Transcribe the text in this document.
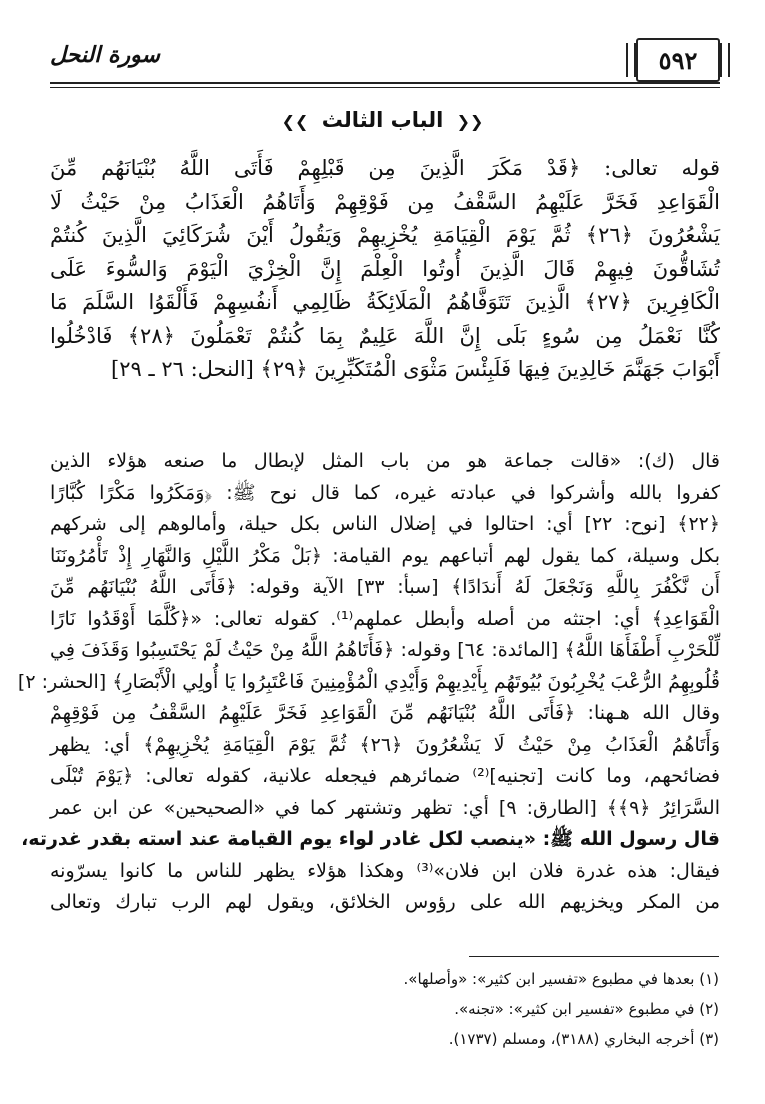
٥٩٢
سورة النحل
❮❮ الباب الثالث ❯❯
قوله تعالى: ﴿قَدْ مَكَرَ الَّذِينَ مِن قَبْلِهِمْ فَأَتَى اللَّهُ بُنْيَانَهُم مِّنَ
الْقَوَاعِدِ فَخَرَّ عَلَيْهِمُ السَّقْفُ مِن فَوْقِهِمْ وَأَتَاهُمُ الْعَذَابُ مِنْ حَيْثُ لَا
يَشْعُرُونَ ﴿٢٦﴾ ثُمَّ يَوْمَ الْقِيَامَةِ يُخْزِيهِمْ وَيَقُولُ أَيْنَ شُرَكَائِيَ الَّذِينَ كُنتُمْ
تُشَاقُّونَ فِيهِمْ قَالَ الَّذِينَ أُوتُوا الْعِلْمَ إِنَّ الْخِزْيَ الْيَوْمَ وَالسُّوءَ عَلَى
الْكَافِرِينَ ﴿٢٧﴾ الَّذِينَ تَتَوَفَّاهُمُ الْمَلَائِكَةُ ظَالِمِي أَنفُسِهِمْ فَأَلْقَوُا السَّلَمَ مَا
كُنَّا نَعْمَلُ مِن سُوءٍ بَلَى إِنَّ اللَّهَ عَلِيمٌ بِمَا كُنتُمْ تَعْمَلُونَ ﴿٢٨﴾ فَادْخُلُوا
أَبْوَابَ جَهَنَّمَ خَالِدِينَ فِيهَا فَلَبِئْسَ مَثْوَى الْمُتَكَبِّرِينَ ﴿٢٩﴾ [النحل: ٢٦ ـ ٢٩]
قال (ك): «قالت جماعة هو من باب المثل لإبطال ما صنعه هؤلاء الذين
كفروا بالله وأشركوا في عبادته غيره، كما قال نوح ﷺ: ﴿وَمَكَرُوا مَكْرًا كُبَّارًا
﴿٢٢﴾ [نوح: ٢٢] أي: احتالوا في إضلال الناس بكل حيلة، وأمالوهم إلى شركهم
بكل وسيلة، كما يقول لهم أتباعهم يوم القيامة: ﴿بَلْ مَكْرُ اللَّيْلِ وَالنَّهَارِ إِذْ تَأْمُرُونَنَا
أَن نَّكْفُرَ بِاللَّهِ وَنَجْعَلَ لَهُ أَندَادًا﴾ [سبأ: ٣٣] الآية وقوله: ﴿فَأَتَى اللَّهُ بُنْيَانَهُم مِّنَ
الْقَوَاعِدِ﴾ أي: اجتثه من أصله وأبطل عملهم⁽¹⁾. كقوله تعالى: «﴿كُلَّمَا أَوْقَدُوا نَارًا
لِّلْحَرْبِ أَطْفَأَهَا اللَّهُ﴾ [المائدة: ٦٤] وقوله: ﴿فَأَتَاهُمُ اللَّهُ مِنْ حَيْثُ لَمْ يَحْتَسِبُوا وَقَذَفَ فِي
قُلُوبِهِمُ الرُّعْبَ يُخْرِبُونَ بُيُوتَهُم بِأَيْدِيهِمْ وَأَيْدِي الْمُؤْمِنِينَ فَاعْتَبِرُوا يَا أُولِي الْأَبْصَارِ﴾ [الحشر: ٢]
وقال الله هـهنا: ﴿فَأَتَى اللَّهُ بُنْيَانَهُم مِّنَ الْقَوَاعِدِ فَخَرَّ عَلَيْهِمُ السَّقْفُ مِن فَوْقِهِمْ
وَأَتَاهُمُ الْعَذَابُ مِنْ حَيْثُ لَا يَشْعُرُونَ ﴿٢٦﴾ ثُمَّ يَوْمَ الْقِيَامَةِ يُخْزِيهِمْ﴾ أي: يظهر
فضائحهم، وما كانت [تجنيه]⁽²⁾ ضمائرهم فيجعله علانية، كقوله تعالى: ﴿يَوْمَ تُبْلَى
السَّرَائِرُ ﴿٩﴾﴾ [الطارق: ٩] أي: تظهر وتشتهر كما في «الصحيحين» عن ابن عمر
قال رسول الله ﷺ: «ينصب لكل غادر لواء يوم القيامة عند استه بقدر غدرته،
فيقال: هذه غدرة فلان ابن فلان»⁽³⁾ وهكذا هؤلاء يظهر للناس ما كانوا يسرّونه
من المكر ويخزيهم الله على رؤوس الخلائق، ويقول لهم الرب تبارك وتعالى
(١) بعدها في مطبوع «تفسير ابن كثير»: «وأصلها».
(٢) في مطبوع «تفسير ابن كثير»: «تجنه».
(٣) أخرجه البخاري (٣١٨٨)، ومسلم (١٧٣٧).
